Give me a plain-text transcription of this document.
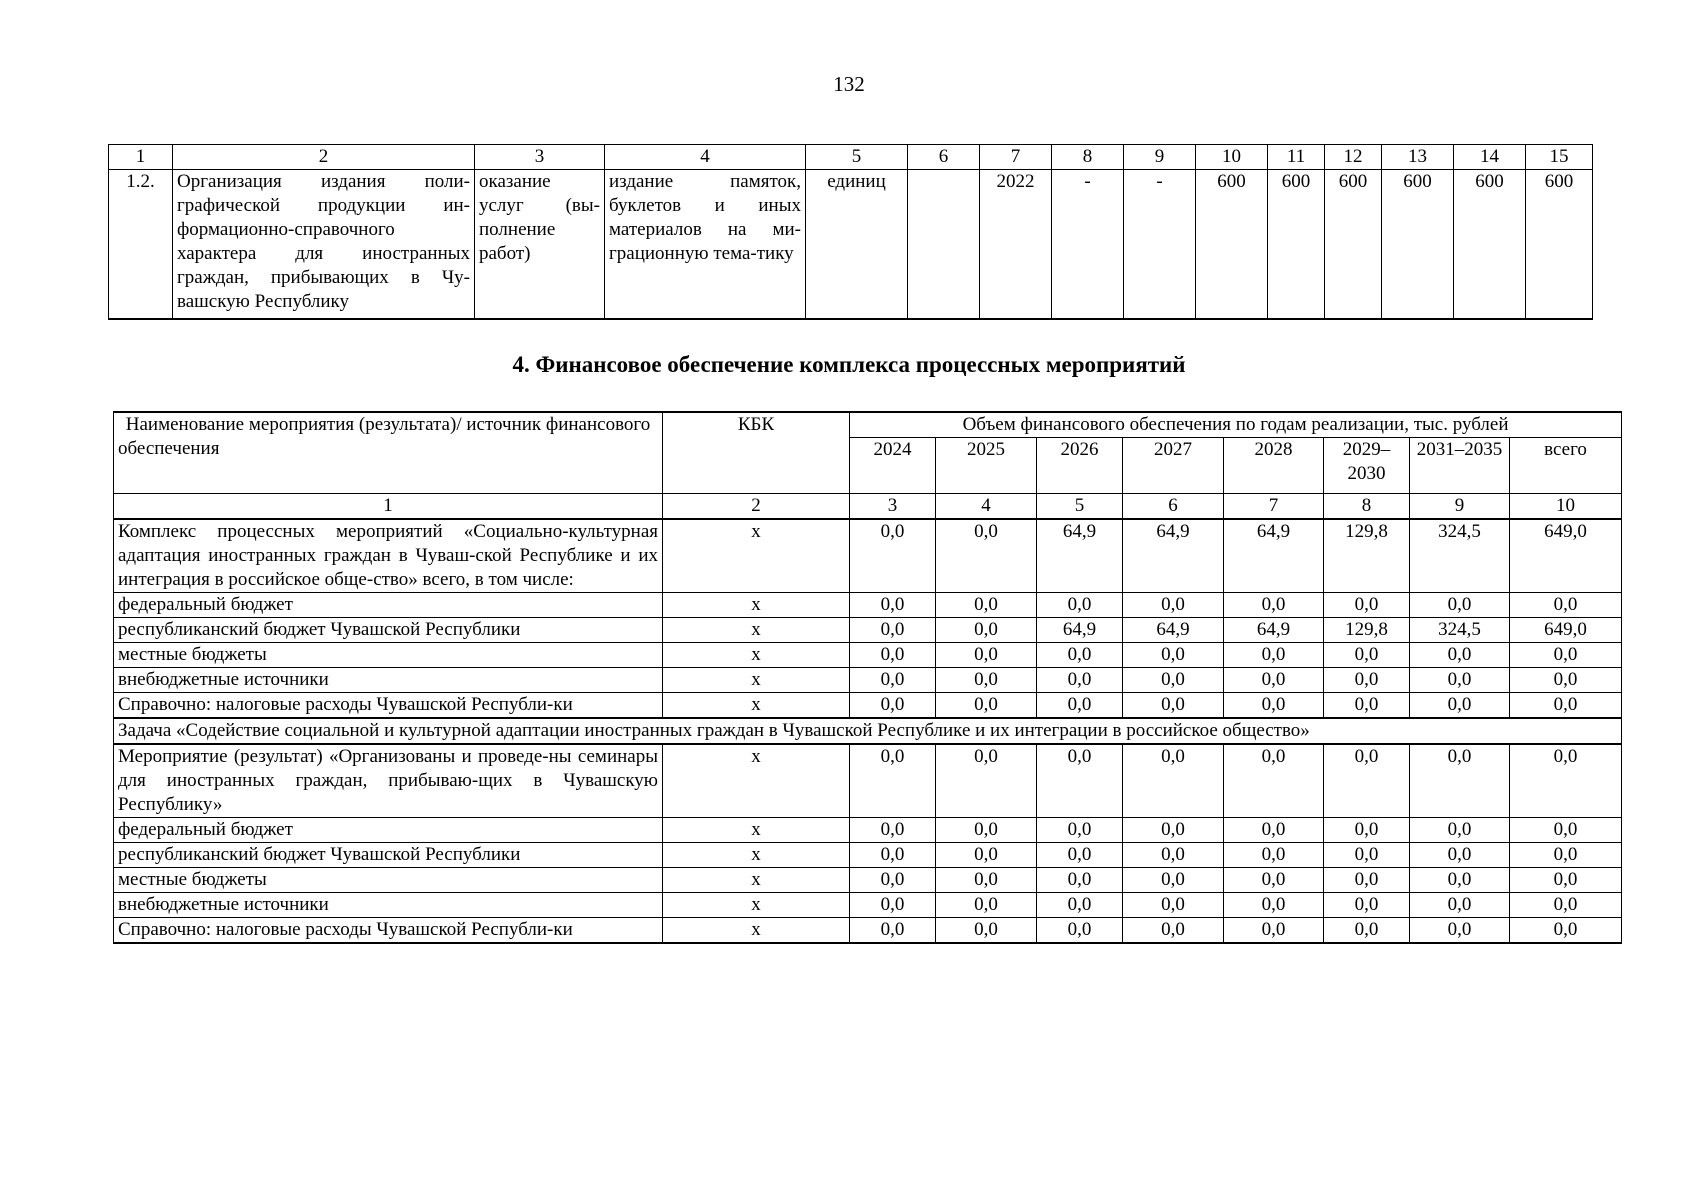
132
1	2	3	4	5	6	7	8	9	10	11	12	13	14	15
1.2.	Организация издания поли-графической продукции ин-формационно-справочного характера для иностранных граждан, прибывающих в Чу-вашскую Республику	оказание услуг (вы-полнение работ)	издание памяток, буклетов и иных материалов на ми-грационную тема-тику	единиц		2022	-	-	600	600	600	600	600	600
4. Финансовое обеспечение комплекса процессных мероприятий
Наименование мероприятия (результата)/ источник финансового обеспечения	КБК	Объем финансового обеспечения по годам реализации, тыс. рублей							
		2024	2025	2026	2027	2028	2029–2030	2031–2035	всего
1	2	3	4	5	6	7	8	9	10
Комплекс процессных мероприятий «Социально-культурная адаптация иностранных граждан в Чуваш-ской Республике и их интеграция в российское обще-ство» всего, в том числе:	х	0,0	0,0	64,9	64,9	64,9	129,8	324,5	649,0
федеральный бюджет	х	0,0	0,0	0,0	0,0	0,0	0,0	0,0	0,0
республиканский бюджет Чувашской Республики	х	0,0	0,0	64,9	64,9	64,9	129,8	324,5	649,0
местные бюджеты	х	0,0	0,0	0,0	0,0	0,0	0,0	0,0	0,0
внебюджетные источники	х	0,0	0,0	0,0	0,0	0,0	0,0	0,0	0,0
Справочно: налоговые расходы Чувашской Республи-ки	х	0,0	0,0	0,0	0,0	0,0	0,0	0,0	0,0
Задача «Содействие социальной и культурной адаптации иностранных граждан в Чувашской Республике и их интеграции в российское общество»									
Мероприятие (результат) «Организованы и проведе-ны семинары для иностранных граждан, прибываю-щих в Чувашскую Республику»	х	0,0	0,0	0,0	0,0	0,0	0,0	0,0	0,0
федеральный бюджет	х	0,0	0,0	0,0	0,0	0,0	0,0	0,0	0,0
республиканский бюджет Чувашской Республики	х	0,0	0,0	0,0	0,0	0,0	0,0	0,0	0,0
местные бюджеты	х	0,0	0,0	0,0	0,0	0,0	0,0	0,0	0,0
внебюджетные источники	х	0,0	0,0	0,0	0,0	0,0	0,0	0,0	0,0
Справочно: налоговые расходы Чувашской Республи-ки	х	0,0	0,0	0,0	0,0	0,0	0,0	0,0	0,0
